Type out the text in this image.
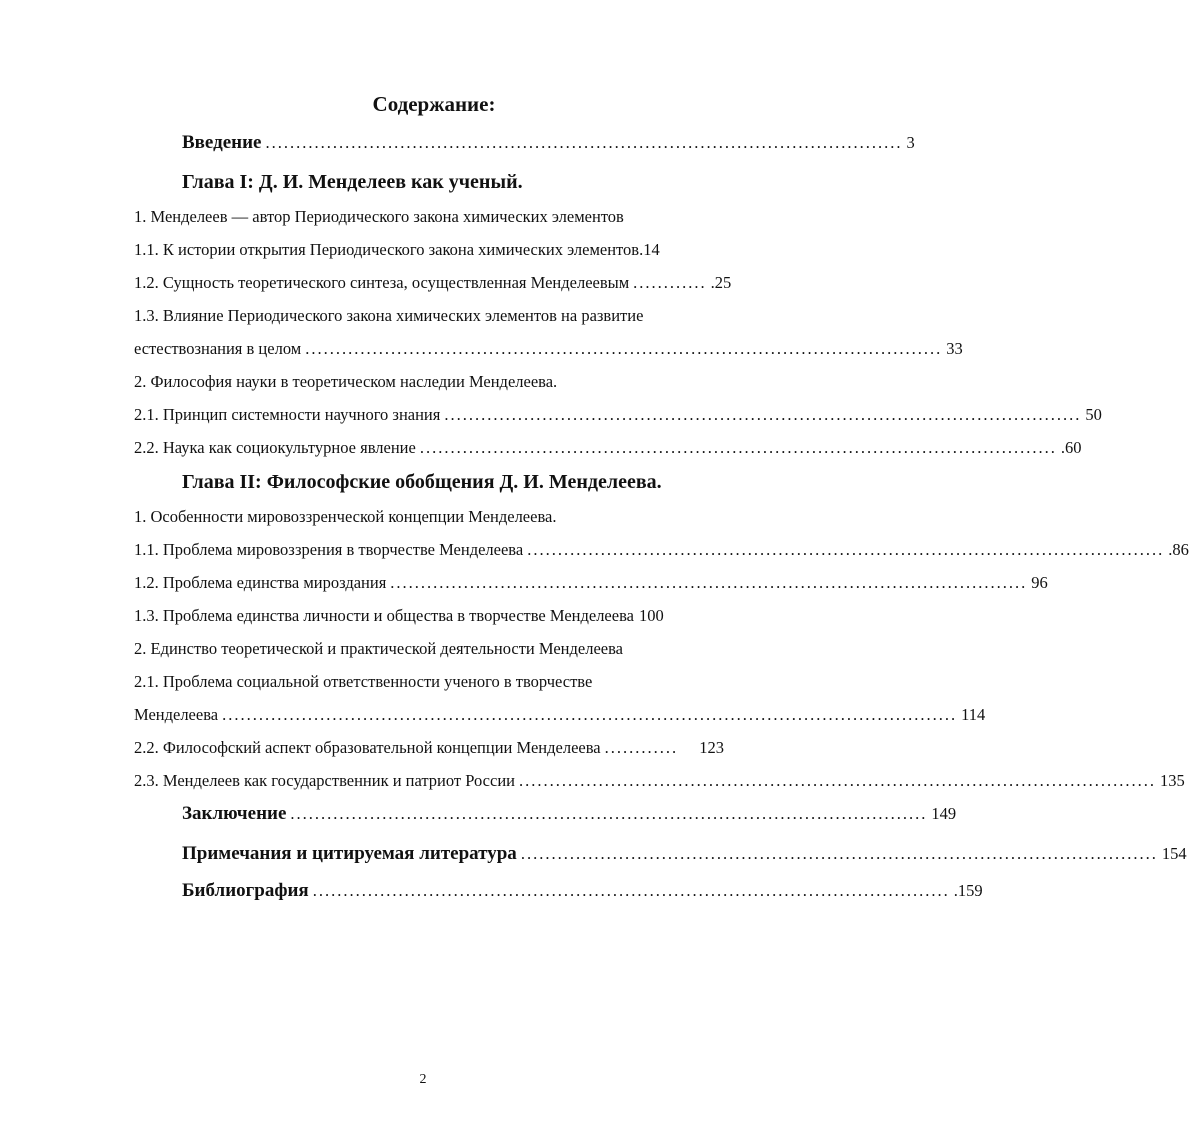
Содержание:
Введение ........................................................................................................ 3
Глава I: Д. И. Менделеев как ученый.
1. Менделеев — автор Периодического закона химических элементов
1.1. К истории открытия Периодического закона химических элементов. 14
1.2. Сущность теоретического синтеза, осуществленная Менделеевым ............ .25
1.3. Влияние Периодического закона химических элементов на развитие
естествознания в целом ........................................................................................................ 33
2. Философия науки в теоретическом наследии Менделеева.
2.1. Принцип системности научного знания ........................................................................................................ 50
2.2. Наука как социокультурное явление ........................................................................................................ .60
Глава II: Философские обобщения Д. И. Менделеева.
1. Особенности мировоззренческой концепции Менделеева.
1.1. Проблема мировоззрения в творчестве Менделеева ........................................................................................................ .86
1.2. Проблема единства мироздания ........................................................................................................ 96
1.3. Проблема единства личности и общества в творчестве Менделеева 100
2. Единство теоретической и практической деятельности Менделеева
2.1. Проблема социальной ответственности ученого в творчестве
Менделеева ........................................................................................................................ 114
2.2. Философский аспект образовательной концепции Менделеева ............	123
2.3. Менделеев как государственник и патриот России ........................................................................................................ 135
Заключение ........................................................................................................ 149
Примечания и цитируемая литература ........................................................................................................ 154
Библиография ........................................................................................................ .159
2
